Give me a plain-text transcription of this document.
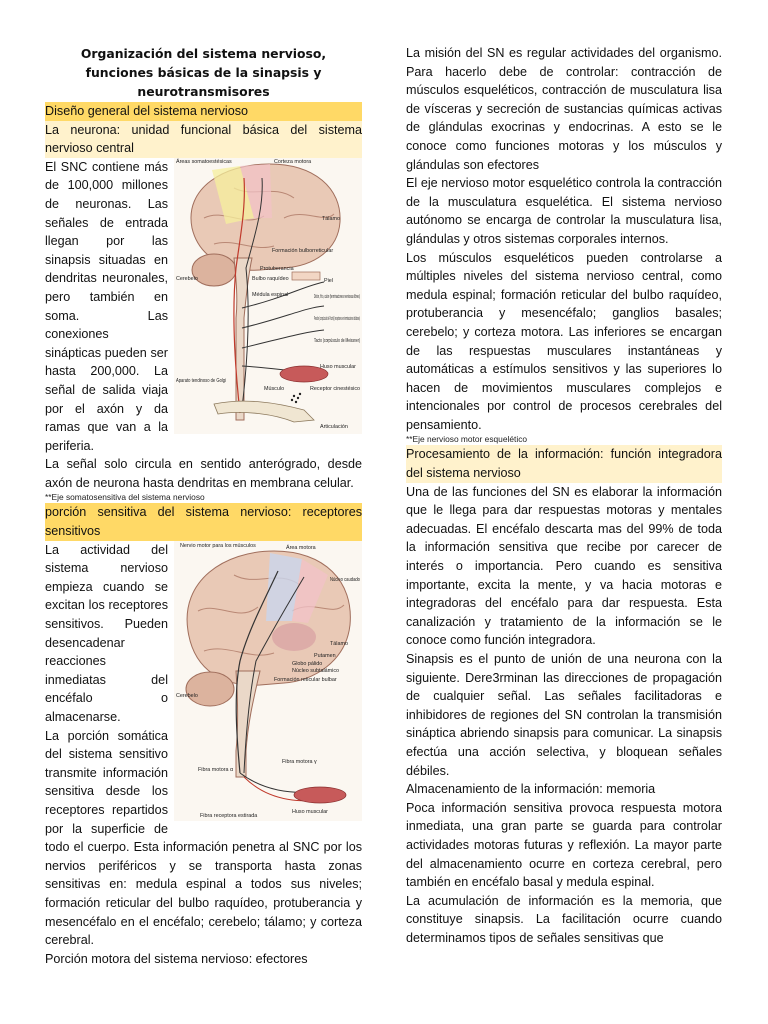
Organización del sistema nervioso, funciones básicas de la sinapsis y neurotransmisores
Diseño general del sistema nervioso

La neurona: unidad funcional básica del sistema nervioso central

Áreas somatoestésicas	Corteza motora
Tálamo
Formación bulborreticular
Protuberancia
Cerebelo	Bulbo raquídeo
Médula espinal
Piel
Dolor, frío, calor (terminaciones nerviosas libres)
Presión (corpúsculo de Pacini) (receptores en terminaciones bulbares)
Tacto (corpúsculo de Meissner)
Aparato tendinoso de Golgi
Huso muscular
Músculo	Receptor cinestésico
Articulación

El SNC contiene más de 100,000 millones de neuronas. Las señales de entrada llegan por las sinapsis situadas en dendritas neuronales, pero también en soma. Las conexiones sinápticas pueden ser hasta 200,000. La señal de salida viaja por el axón y da ramas que van a la periferia.

La señal solo circula en sentido anterógrado, desde axón de neurona hasta dendritas en membrana celular.

**Eje somatosensitiva del sistema nervioso

porción sensitiva del sistema nervioso: receptores sensitivos

Nervio motor para los músculos	Área motora
Núcleo caudado
Tálamo
Putamen
Globo pálido
Núcleo subtalámico
Formación reticular bulbar
Cerebelo
Fibra motora γ
Fibra motora α
Huso muscular
Fibra receptora estirada

La actividad del sistema nervioso empieza cuando se excitan los receptores sensitivos. Pueden desencadenar reacciones inmediatas del encéfalo o almacenarse.

La porción somática del sistema sensitivo transmite información sensitiva desde los receptores repartidos por la superficie de todo el cuerpo. Esta información penetra al SNC por los nervios periféricos y se transporta hasta zonas sensitivas en: medula espinal a todos sus niveles; formación reticular del bulbo raquídeo, protuberancia y mesencéfalo en el encéfalo; cerebelo; tálamo; y corteza cerebral.

Porción motora del sistema nervioso: efectores

La misión del SN es regular actividades del organismo. Para hacerlo debe de controlar: contracción de músculos esqueléticos, contracción de musculatura lisa de vísceras y secreción de sustancias químicas activas de glándulas exocrinas y endocrinas. A esto se le conoce como funciones motoras y los músculos y glándulas son efectores

El eje nervioso motor esquelético controla la contracción de la musculatura esquelética. El sistema nervioso autónomo se encarga de controlar la musculatura lisa, glándulas y otros sistemas corporales internos.

Los músculos esqueléticos pueden controlarse a múltiples niveles del sistema nervioso central, como medula espinal; formación reticular del bulbo raquídeo, protuberancia y mesencéfalo; ganglios basales; cerebelo; y corteza motora. Las inferiores se encargan de las respuestas musculares instantáneas y automáticas a estímulos sensitivos y las superiores lo hacen de movimientos musculares complejos e intencionales por control de procesos cerebrales del pensamiento.

**Eje nervioso motor esquelético

Procesamiento de la información: función integradora del sistema nervioso

Una de las funciones del SN es elaborar la información que le llega para dar respuestas motoras y mentales adecuadas. El encéfalo descarta mas del 99% de toda la información sensitiva que recibe por carecer de interés o importancia. Pero cuando es sensitiva importante, excita la mente, y va hacia motoras e integradoras del encéfalo para dar respuesta. Esta canalización y tratamiento de la información se le conoce como función integradora.

Sinapsis es el punto de unión de una neurona con la siguiente. Dere3rminan las direcciones de propagación de cualquier señal. Las señales facilitadoras e inhibidores de regiones del SN controlan la transmisión sináptica abriendo sinapsis para comunicar. La sinapsis efectúa una acción selectiva, y bloquean señales débiles.

Almacenamiento de la información: memoria

Poca información sensitiva provoca respuesta motora inmediata, una gran parte se guarda para controlar actividades motoras futuras y reflexión. La mayor parte del almacenamiento ocurre en corteza cerebral, pero también en encéfalo basal y medula espinal.

La acumulación de información es la memoria, que constituye sinapsis. La facilitación ocurre cuando determinamos tipos de señales sensitivas que
